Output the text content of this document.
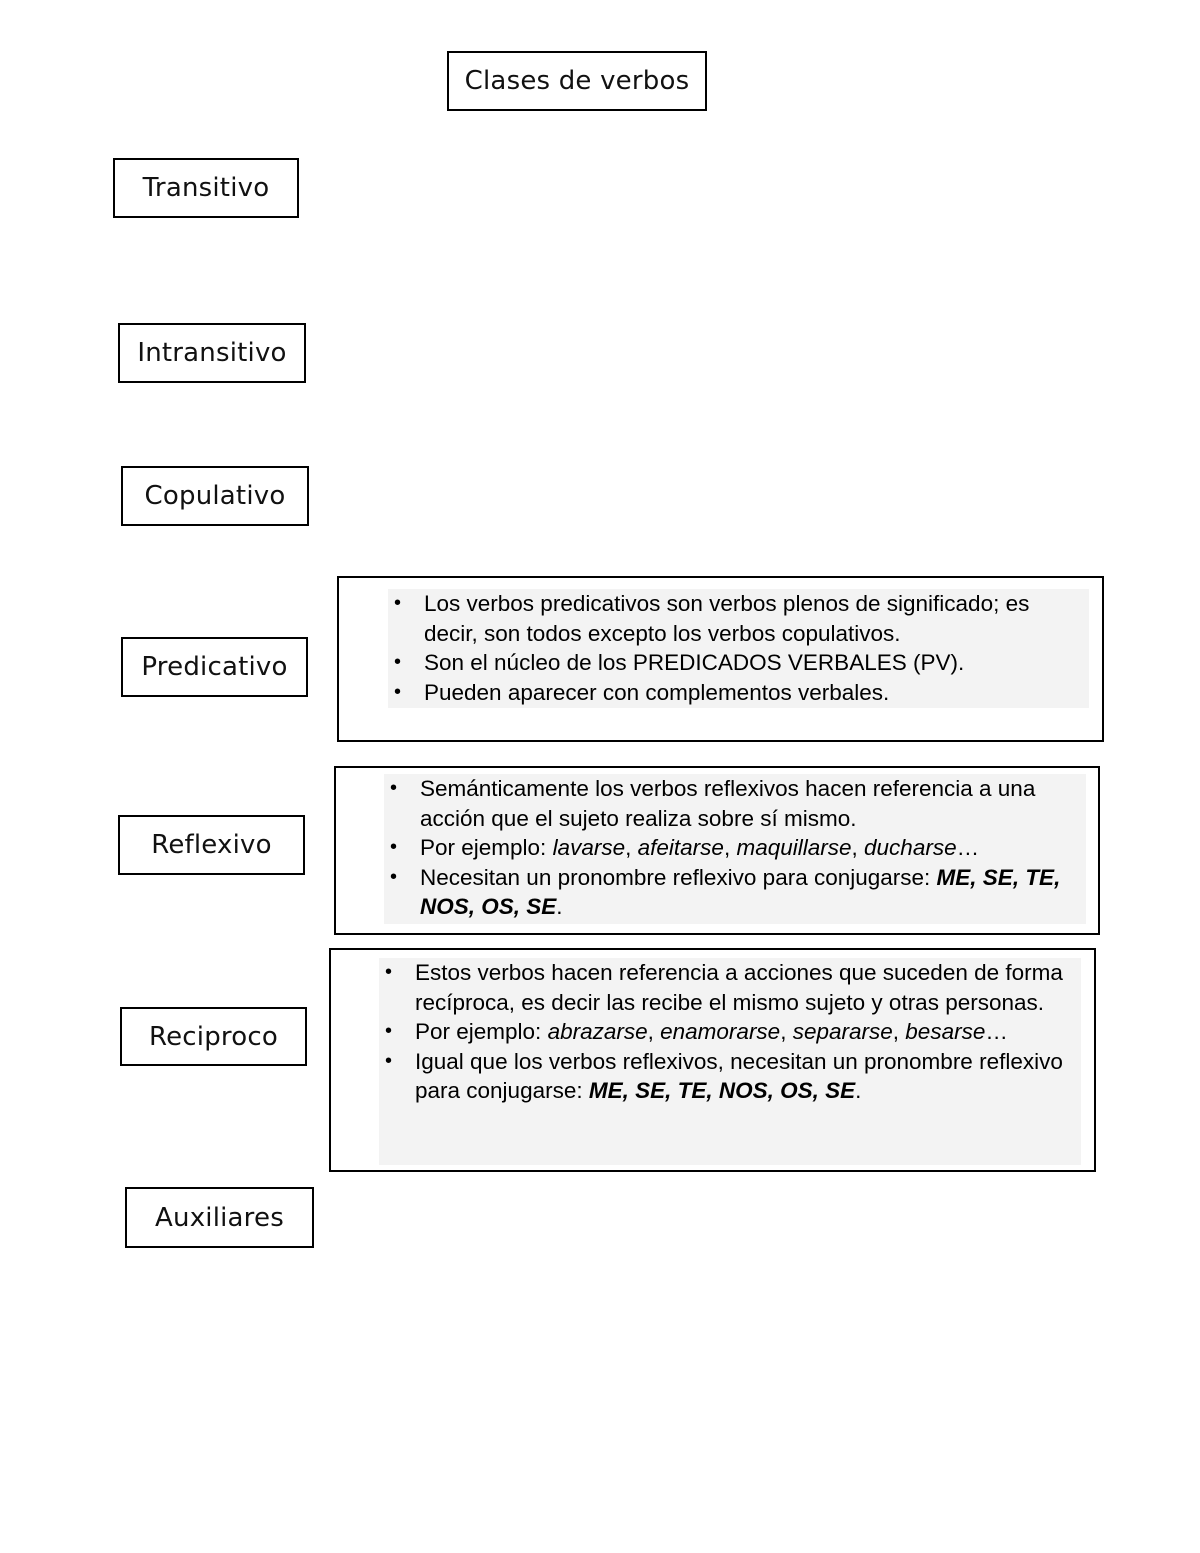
Clases de verbos
Transitivo
Intransitivo
Copulativo
Predicativo
Reflexivo
Reciproco
Auxiliares
• Los verbos predicativos son verbos plenos de significado; es decir, son todos excepto los verbos copulativos.
• Son el núcleo de los PREDICADOS VERBALES (PV).
• Pueden aparecer con complementos verbales.
• Semánticamente los verbos reflexivos hacen referencia a una acción que el sujeto realiza sobre sí mismo.
• Por ejemplo: lavarse, afeitarse, maquillarse, ducharse…
• Necesitan un pronombre reflexivo para conjugarse: ME, SE, TE, NOS, OS, SE.
• Estos verbos hacen referencia a acciones que suceden de forma recíproca, es decir las recibe el mismo sujeto y otras personas.
• Por ejemplo: abrazarse, enamorarse, separarse, besarse…
• Igual que los verbos reflexivos, necesitan un pronombre reflexivo para conjugarse: ME, SE, TE, NOS, OS, SE.
